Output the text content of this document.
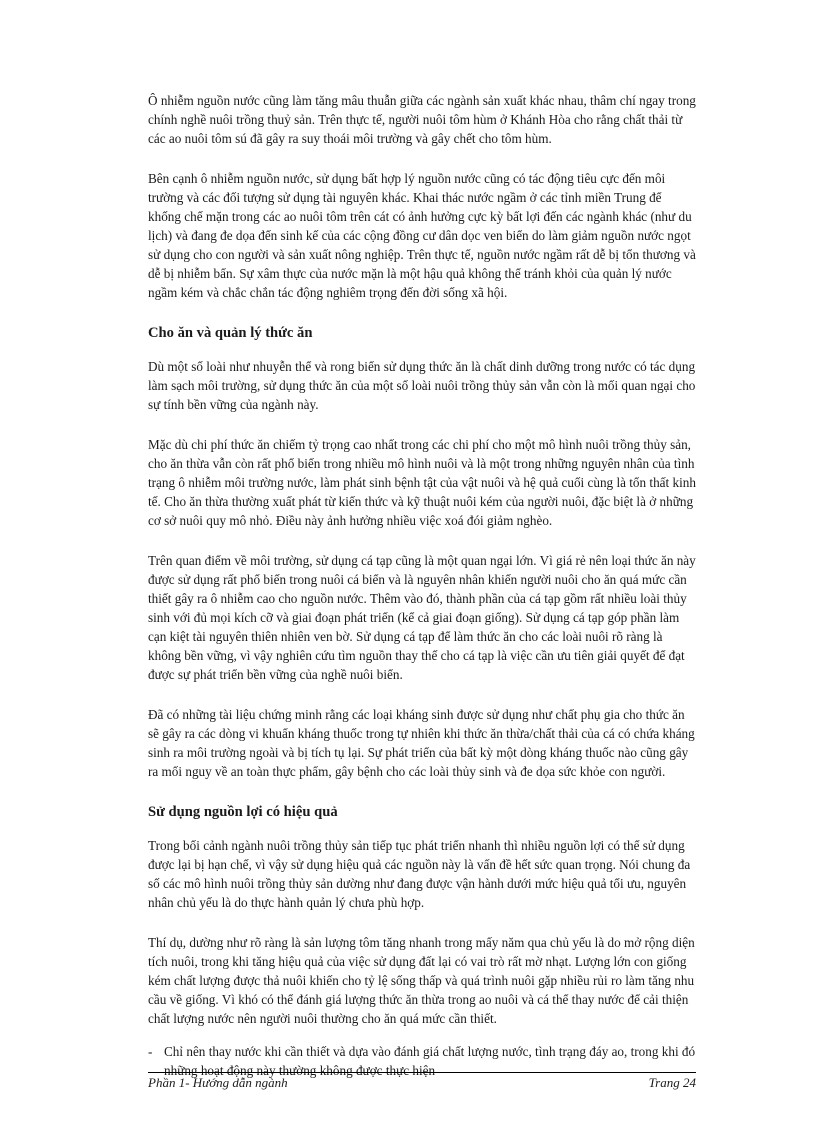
Ô nhiễm nguồn nước cũng làm tăng mâu thuẫn giữa các ngành sản xuất khác nhau, thâm chí ngay trong chính nghề nuôi trồng thuỷ sản. Trên thực tế, người nuôi tôm hùm ở Khánh Hòa cho rằng chất thải từ các ao nuôi tôm sú đã gây ra suy thoái môi trường và gây chết cho tôm hùm.

Bên cạnh ô nhiễm nguồn nước, sử dụng bất hợp lý nguồn nước cũng có tác động tiêu cực đến môi trường và các đối tượng sử dụng tài nguyên khác. Khai thác nước ngầm ở các tỉnh miền Trung để khống chế mặn trong các ao nuôi tôm trên cát có ảnh hưởng cực kỳ bất lợi đến các ngành khác (như du lịch) và đang đe dọa đến sinh kế của các cộng đồng cư dân dọc ven biển do làm giảm nguồn nước ngọt sử dụng cho con người và sản xuất nông nghiệp. Trên thực tế, nguồn nước ngầm rất dễ bị tổn thương và dễ bị nhiễm bẩn. Sự xâm thực của nước mặn là một hậu quả không thể tránh khỏi của quản lý nước ngầm kém và chắc chắn tác động nghiêm trọng đến đời sống xã hội.

Cho ăn và quản lý thức ăn

Dù một số loài như nhuyễn thể và rong biển sử dụng thức ăn là chất dinh dưỡng trong nước có tác dụng làm sạch môi trường, sử dụng thức ăn của một số loài nuôi trồng thủy sản vẫn còn là mối quan ngại cho sự tính bền vững của ngành này.

Mặc dù chi phí thức ăn chiếm tỷ trọng cao nhất trong các chi phí cho một mô hình nuôi trồng thủy sản, cho ăn thừa vẫn còn rất phổ biến trong nhiều mô hình nuôi và là một trong những nguyên nhân của tình trạng ô nhiễm môi trường nước, làm phát sinh bệnh tật của vật nuôi và hệ quả cuối cùng là tổn thất kinh tế. Cho ăn thừa thường xuất phát từ kiến thức và kỹ thuật nuôi kém của người nuôi, đặc biệt là ở những cơ sở nuôi quy mô nhỏ. Điều này ảnh hưởng nhiều việc xoá đói giảm nghèo.

Trên quan điểm về môi trường, sử dụng cá tạp cũng là một quan ngại lớn. Vì giá rẻ nên loại thức ăn này được sử dụng rất phổ biến trong nuôi cá biển và là nguyên nhân khiến người nuôi cho ăn quá mức cần thiết gây ra ô nhiễm cao cho nguồn nước. Thêm vào đó, thành phần của cá tạp gồm rất nhiều loài thủy sinh với đủ mọi kích cỡ và giai đoạn phát triển (kể cả giai đoạn giống). Sử dụng cá tạp góp phần làm cạn kiệt tài nguyên thiên nhiên ven bờ. Sử dụng cá tạp để làm thức ăn cho các loài nuôi rõ ràng là không bền vững, vì vậy nghiên cứu tìm nguồn thay thế cho cá tạp là việc cần ưu tiên giải quyết để đạt được sự phát triển bền vững của nghề nuôi biển.

Đã có những tài liệu chứng minh rằng các loại kháng sinh được sử dụng như chất phụ gia cho thức ăn sẽ gây ra các dòng vi khuẩn kháng thuốc trong tự nhiên khi thức ăn thừa/chất thải của cá có chứa kháng sinh ra môi trường ngoài và bị tích tụ lại. Sự phát triển của bất kỳ một dòng kháng thuốc nào cũng gây ra mối nguy về an toàn thực phẩm, gây bệnh cho các loài thủy sinh và đe dọa sức khỏe con người.

Sử dụng nguồn lợi có hiệu quả

Trong bối cảnh ngành nuôi trồng thủy sản tiếp tục phát triển nhanh thì nhiều nguồn lợi có thể sử dụng được lại bị hạn chế, vì vậy sử dụng hiệu quả các nguồn này là vấn đề hết sức quan trọng. Nói chung đa số các mô hình nuôi trồng thủy sản dường như đang được vận hành dưới mức hiệu quả tối ưu, nguyên nhân chủ yếu là do thực hành quản lý chưa phù hợp.

Thí dụ, dường như rõ ràng là sản lượng tôm tăng nhanh trong mấy năm qua chủ yếu là do mở rộng diện tích nuôi, trong khi tăng hiệu quả của việc sử dụng đất lại có vai trò rất mờ nhạt. Lượng lớn con giống kém chất lượng được thả nuôi khiến cho tỷ lệ sống thấp và quá trình nuôi gặp nhiều rủi ro làm tăng nhu cầu về giống. Vì khó có thể đánh giá lượng thức ăn thừa trong ao nuôi và cá thể thay nước để cải thiện chất lượng nước nên người nuôi thường cho ăn quá mức cần thiết.

- Chỉ nên thay nước khi cần thiết và dựa vào đánh giá chất lượng nước, tình trạng đáy ao, trong khi đó những hoạt động này thường không được thực hiện

Phần 1- Hướng dẫn ngành	Trang 24
